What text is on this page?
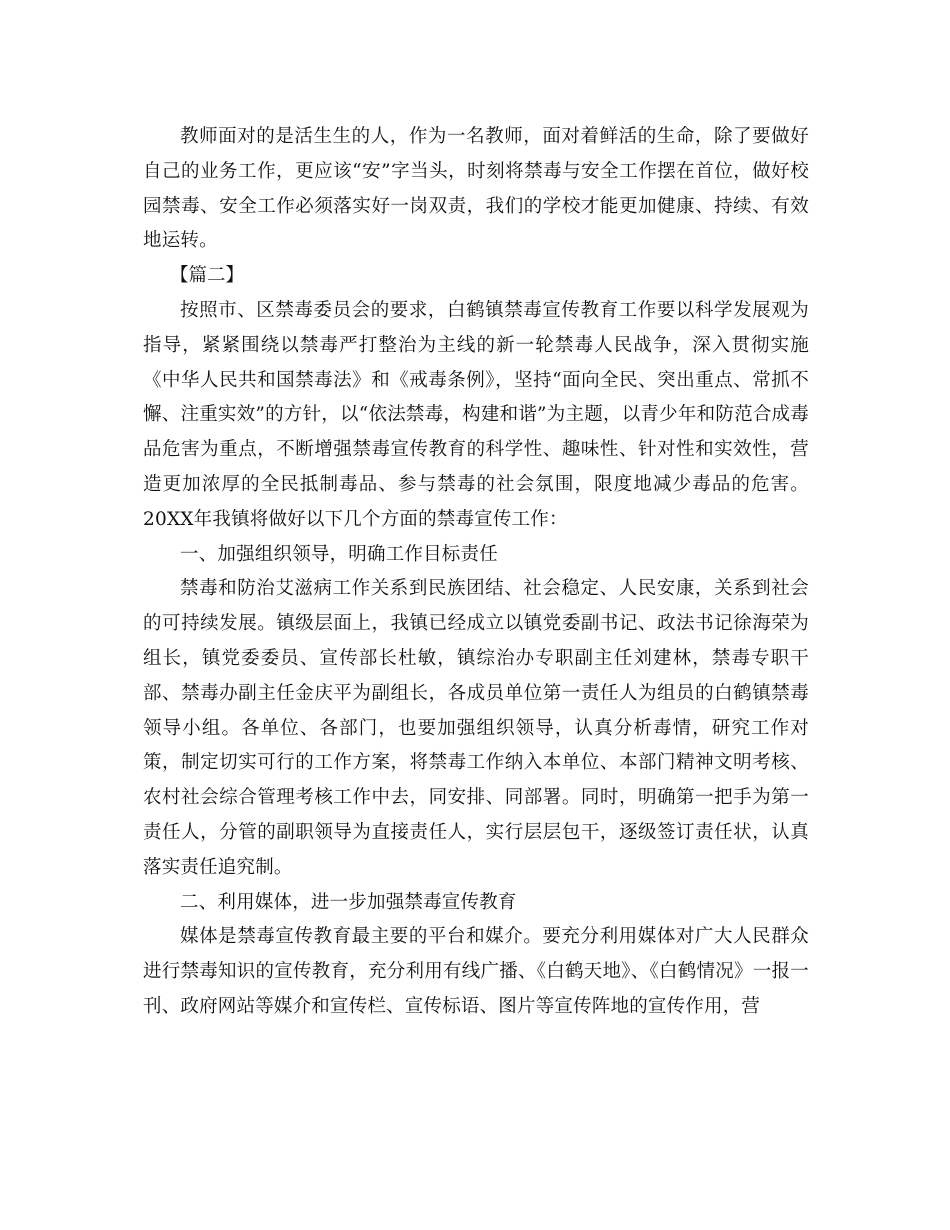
教师面对的是活生生的人，作为一名教师，面对着鲜活的生命，除了要做好自己的业务工作，更应该“安”字当头，时刻将禁毒与安全工作摆在首位，做好校园禁毒、安全工作必须落实好一岗双责，我们的学校才能更加健康、持续、有效地运转。

【篇二】

按照市、区禁毒委员会的要求，白鹤镇禁毒宣传教育工作要以科学发展观为指导，紧紧围绕以禁毒严打整治为主线的新一轮禁毒人民战争，深入贯彻实施《中华人民共和国禁毒法》和《戒毒条例》，坚持“面向全民、突出重点、常抓不懈、注重实效”的方针，以“依法禁毒，构建和谐”为主题，以青少年和防范合成毒品危害为重点，不断增强禁毒宣传教育的科学性、趣味性、针对性和实效性，营造更加浓厚的全民抵制毒品、参与禁毒的社会氛围，限度地减少毒品的危害。20XX年我镇将做好以下几个方面的禁毒宣传工作：

一、加强组织领导，明确工作目标责任

禁毒和防治艾滋病工作关系到民族团结、社会稳定、人民安康，关系到社会的可持续发展。镇级层面上，我镇已经成立以镇党委副书记、政法书记徐海荣为组长，镇党委委员、宣传部长杜敏，镇综治办专职副主任刘建林，禁毒专职干部、禁毒办副主任金庆平为副组长，各成员单位第一责任人为组员的白鹤镇禁毒领导小组。各单位、各部门，也要加强组织领导，认真分析毒情，研究工作对策，制定切实可行的工作方案，将禁毒工作纳入本单位、本部门精神文明考核、农村社会综合管理考核工作中去，同安排、同部署。同时，明确第一把手为第一责任人，分管的副职领导为直接责任人，实行层层包干，逐级签订责任状，认真落实责任追究制。

二、利用媒体，进一步加强禁毒宣传教育

媒体是禁毒宣传教育最主要的平台和媒介。要充分利用媒体对广大人民群众进行禁毒知识的宣传教育，充分利用有线广播、《白鹤天地》、《白鹤情况》一报一刊、政府网站等媒介和宣传栏、宣传标语、图片等宣传阵地的宣传作用，营
